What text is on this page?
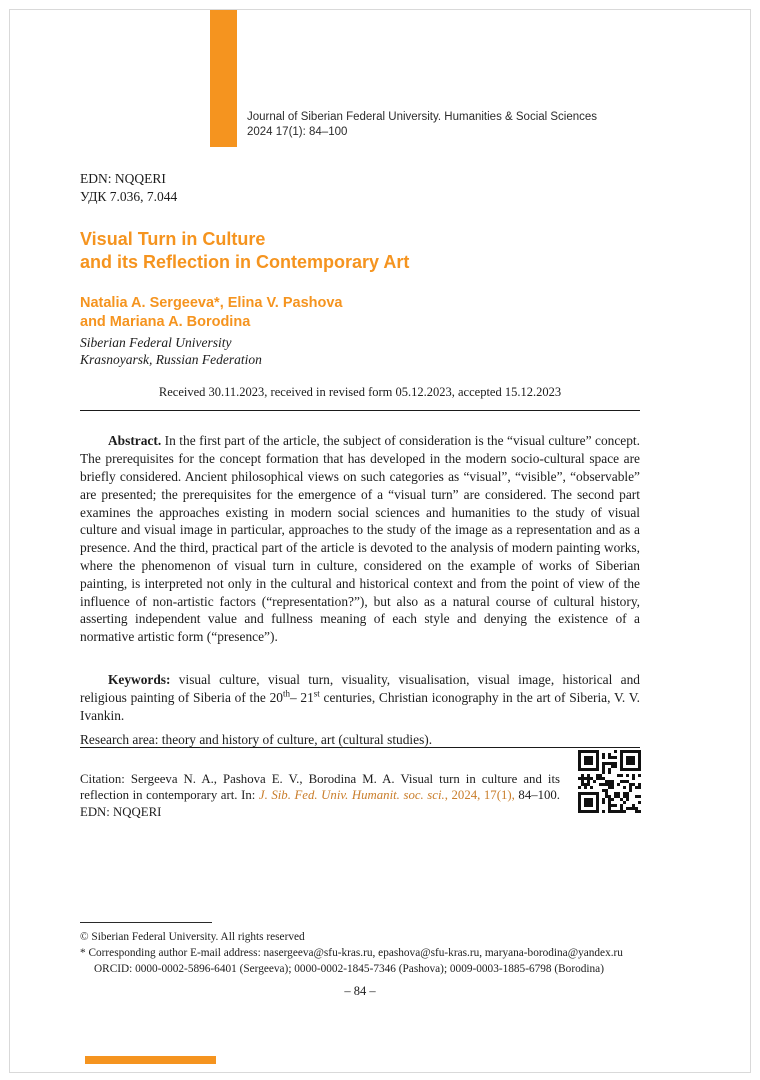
Journal of Siberian Federal University. Humanities & Social Sciences
2024 17(1): 84–100
EDN: NQQERI
УДК 7.036, 7.044
Visual Turn in Culture
and its Reflection in Contemporary Art
Natalia A. Sergeeva*, Elina V. Pashova
and Mariana A. Borodina
Siberian Federal University
Krasnoyarsk, Russian Federation
Received 30.11.2023, received in revised form 05.12.2023, accepted 15.12.2023

Abstract. In the first part of the article, the subject of consideration is the “visual culture” concept. The prerequisites for the concept formation that has developed in the modern socio-cultural space are briefly considered. Ancient philosophical views on such categories as “visual”, “visible”, “observable” are presented; the prerequisites for the emergence of a “visual turn” are considered. The second part examines the approaches existing in modern social sciences and humanities to the study of visual culture and visual image in particular, approaches to the study of the image as a representation and as a presence. And the third, practical part of the article is devoted to the analysis of modern painting works, where the phenomenon of visual turn in culture, considered on the example of works of Siberian painting, is interpreted not only in the cultural and historical context and from the point of view of the influence of non-artistic factors (“representation?”), but also as a natural course of cultural history, asserting independent value and fullness meaning of each style and denying the existence of a normative artistic form (“presence”).

Keywords: visual culture, visual turn, visuality, visualisation, visual image, historical and religious painting of Siberia of the 20th– 21st centuries, Christian iconography in the art of Siberia, V. V. Ivankin.

Research area: theory and history of culture, art (cultural studies).

Citation: Sergeeva N. A., Pashova E. V., Borodina M. A. Visual turn in culture and its reflection in contemporary art. In: J. Sib. Fed. Univ. Humanit. soc. sci., 2024, 17(1), 84–100. EDN: NQQERI

© Siberian Federal University. All rights reserved
* Corresponding author E-mail address: nasergeeva@sfu-kras.ru, epashova@sfu-kras.ru, maryana-borodina@yandex.ru
ORCID: 0000-0002-5896-6401 (Sergeeva); 0000-0002-1845-7346 (Pashova); 0009-0003-1885-6798 (Borodina)
– 84 –
